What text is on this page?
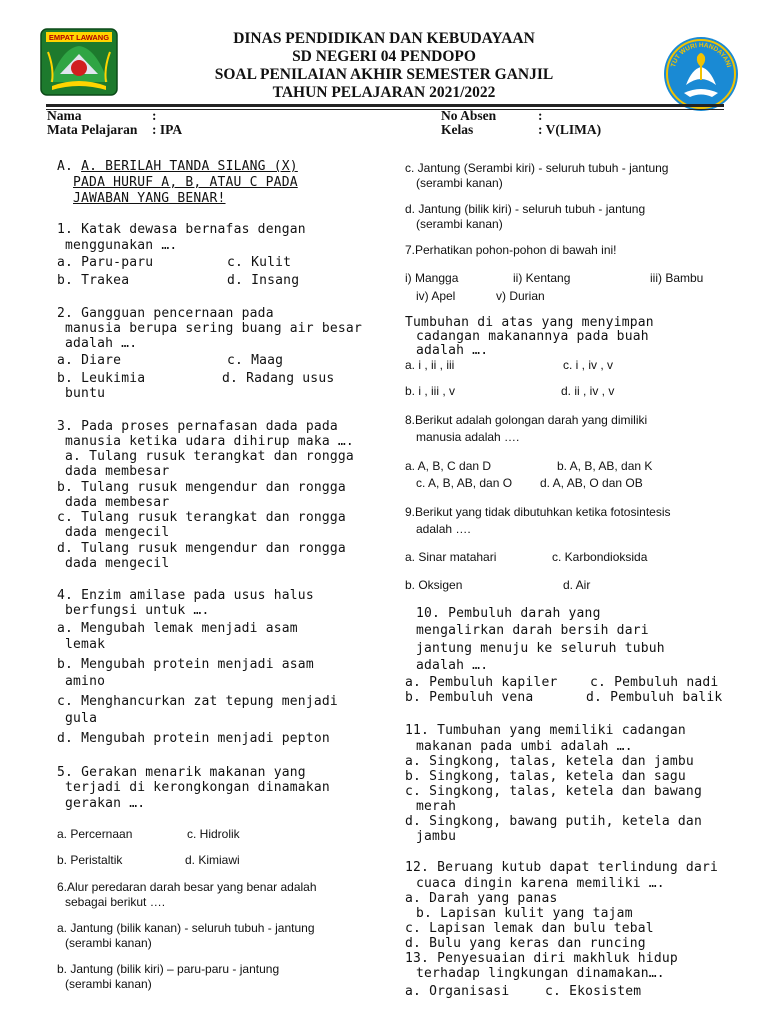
EMPAT LAWANG
TUT WURI HANDAYANI
DINAS PENDIDIKAN DAN KEBUDAYAAN
SD NEGERI 04 PENDOPO
SOAL PENILAIAN AKHIR SEMESTER GANJIL
TAHUN PELAJARAN 2021/2022
Nama	:
Mata Pelajaran : IPA
No Absen	:
Kelas	: V(LIMA)
A. A. BERILAH TANDA SILANG (X)
PADA HURUF A, B, ATAU C PADA
JAWABAN YANG BENAR!
1. Katak dewasa bernafas dengan
menggunakan ….
a. Paru-paru	c. Kulit
b. Trakea	d. Insang
2. Gangguan pencernaan pada
manusia berupa sering buang air besar
adalah ….
a. Diare	c. Maag
b. Leukimia	d. Radang usus
buntu
3. Pada proses pernafasan dada pada
manusia ketika udara dihirup maka ….
a. Tulang rusuk terangkat dan rongga
dada membesar
b. Tulang rusuk mengendur dan rongga
dada membesar
c. Tulang rusuk terangkat dan rongga
dada mengecil
d. Tulang rusuk mengendur dan rongga
dada mengecil
4. Enzim amilase pada usus halus
berfungsi untuk ….
a. Mengubah lemak menjadi asam
lemak
b. Mengubah protein menjadi asam
amino
c. Menghancurkan zat tepung menjadi
gula
d. Mengubah protein menjadi pepton
5. Gerakan menarik makanan yang
terjadi di kerongkongan dinamakan
gerakan ….
a. Percernaan	c. Hidrolik
b. Peristaltik	d. Kimiawi
6.Alur peredaran darah besar yang benar adalah
sebagai berikut ….
a. Jantung (bilik kanan) - seluruh tubuh - jantung
(serambi kanan)
b. Jantung (bilik kiri) – paru-paru - jantung
(serambi kanan)
c. Jantung (Serambi kiri) - seluruh tubuh - jantung
(serambi kanan)
d. Jantung (bilik kiri) - seluruh tubuh - jantung
(serambi kanan)
7.Perhatikan pohon-pohon di bawah ini!
i) Mangga	ii) Kentang	iii) Bambu
iv) Apel	v) Durian
Tumbuhan di atas yang menyimpan
cadangan makanannya pada buah
adalah ….
a. i , ii , iii	c. i , iv , v
b. i , iii , v	d. ii , iv , v
8.Berikut adalah golongan darah yang dimiliki
manusia adalah ….
a. A, B, C dan D	b. A, B, AB, dan K
c. A, B, AB, dan O d. A, AB, O dan OB
9.Berikut yang tidak dibutuhkan ketika fotosintesis
adalah ….
a. Sinar matahari	c. Karbondioksida
b. Oksigen	d. Air
10. Pembuluh darah yang
mengalirkan darah bersih dari
jantung menuju ke seluruh tubuh
adalah ….
a. Pembuluh kapiler c. Pembuluh nadi
b. Pembuluh vena	d. Pembuluh balik
11. Tumbuhan yang memiliki cadangan
makanan pada umbi adalah ….
a. Singkong, talas, ketela dan jambu
b. Singkong, talas, ketela dan sagu
c. Singkong, talas, ketela dan bawang
merah
d. Singkong, bawang putih, ketela dan
jambu
12. Beruang kutub dapat terlindung dari
cuaca dingin karena memiliki ….
a. Darah yang panas
b. Lapisan kulit yang tajam
c. Lapisan lemak dan bulu tebal
d. Bulu yang keras dan runcing
13. Penyesuaian diri makhluk hidup
terhadap lingkungan dinamakan….
a. Organisasi	c. Ekosistem
